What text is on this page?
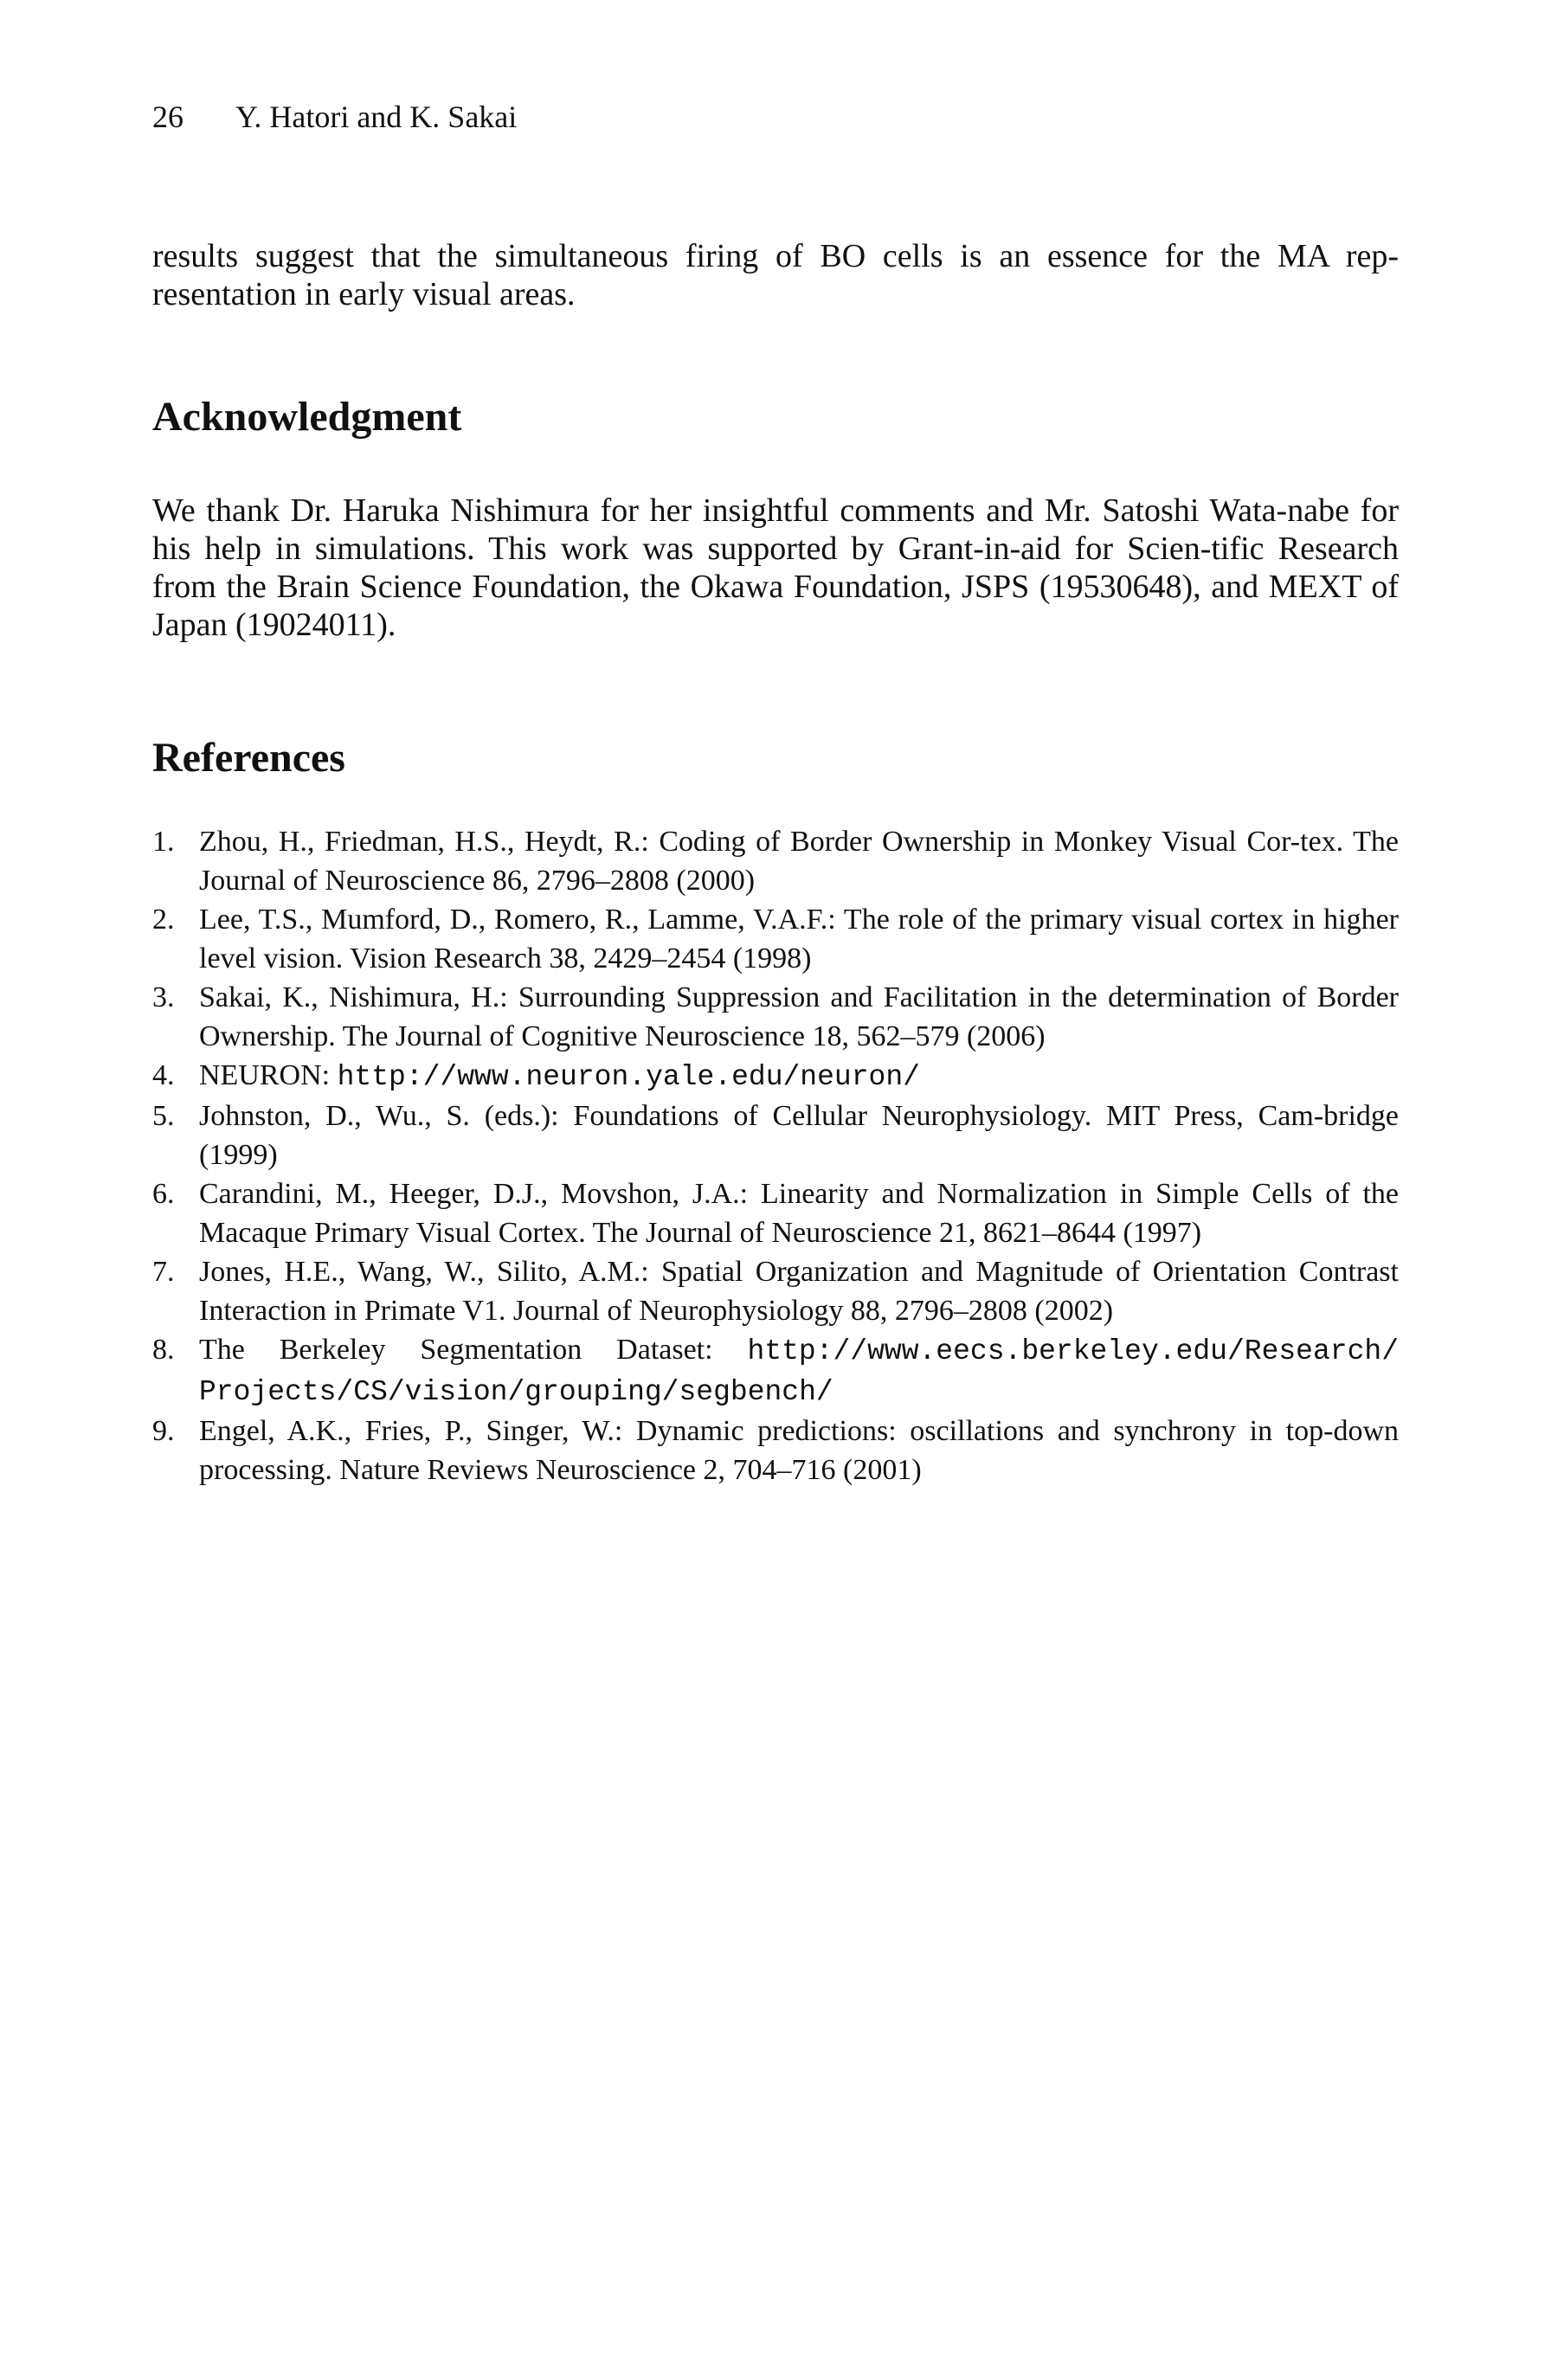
26 Y. Hatori and K. Sakai

results suggest that the simultaneous firing of BO cells is an essence for the MA rep-resentation in early visual areas.

Acknowledgment

We thank Dr. Haruka Nishimura for her insightful comments and Mr. Satoshi Wata-nabe for his help in simulations. This work was supported by Grant-in-aid for Scien-tific Research from the Brain Science Foundation, the Okawa Foundation, JSPS (19530648), and MEXT of Japan (19024011).

References
1. Zhou, H., Friedman, H.S., Heydt, R.: Coding of Border Ownership in Monkey Visual Cor-tex. The Journal of Neuroscience 86, 2796–2808 (2000)
2. Lee, T.S., Mumford, D., Romero, R., Lamme, V.A.F.: The role of the primary visual cortex in higher level vision. Vision Research 38, 2429–2454 (1998)
3. Sakai, K., Nishimura, H.: Surrounding Suppression and Facilitation in the determination of Border Ownership. The Journal of Cognitive Neuroscience 18, 562–579 (2006)
4. NEURON: http://www.neuron.yale.edu/neuron/
5. Johnston, D., Wu., S. (eds.): Foundations of Cellular Neurophysiology. MIT Press, Cam-bridge (1999)
6. Carandini, M., Heeger, D.J., Movshon, J.A.: Linearity and Normalization in Simple Cells of the Macaque Primary Visual Cortex. The Journal of Neuroscience 21, 8621–8644 (1997)
7. Jones, H.E., Wang, W., Silito, A.M.: Spatial Organization and Magnitude of Orientation Contrast Interaction in Primate V1. Journal of Neurophysiology 88, 2796–2808 (2002)
8. The Berkeley Segmentation Dataset: http://www.eecs.berkeley.edu/Research/ Projects/CS/vision/grouping/segbench/
9. Engel, A.K., Fries, P., Singer, W.: Dynamic predictions: oscillations and synchrony in top-down processing. Nature Reviews Neuroscience 2, 704–716 (2001)
